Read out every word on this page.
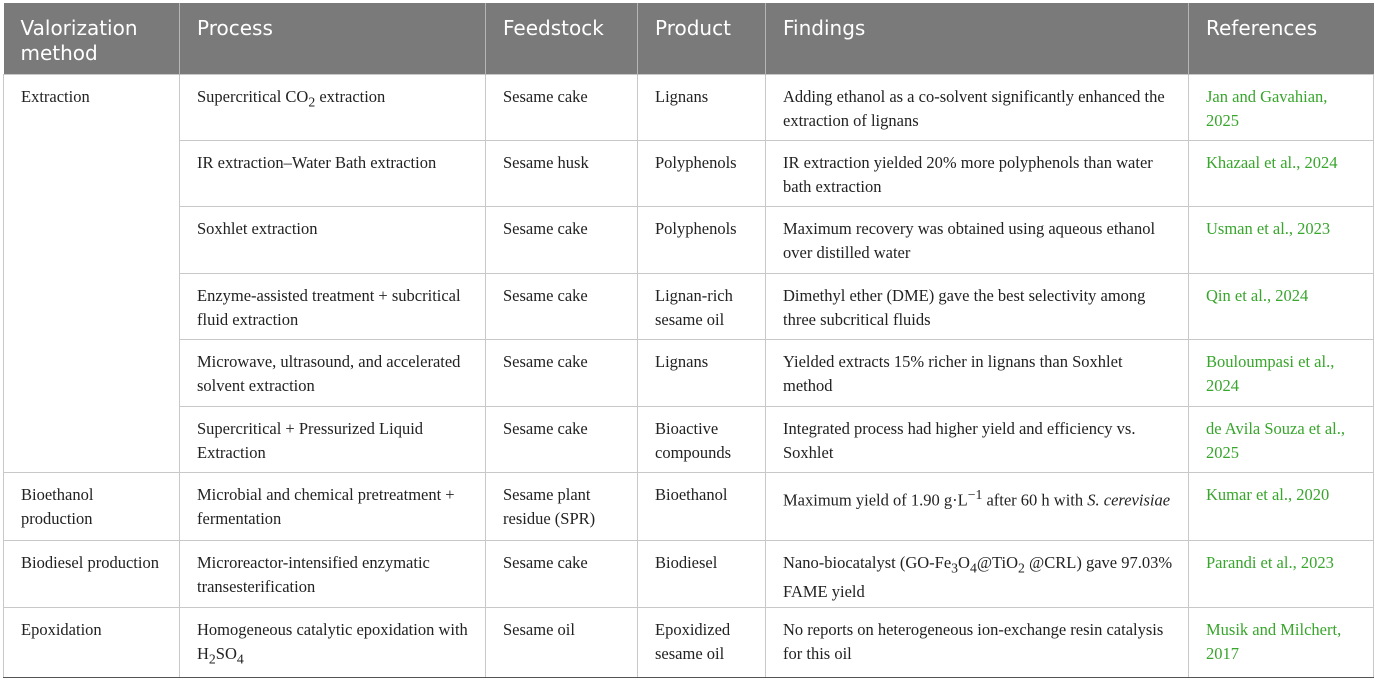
Valorization method	Process	Feedstock	Product	Findings	References
Extraction	Supercritical $CO_2$ extraction	Sesame cake	Lignans	Adding ethanol as a co-solvent significantly enhanced the extraction of lignans	Jan and Gavahian, 2025
	IR extraction–Water Bath extraction	Sesame husk	Polyphenols	IR extraction yielded 20% more polyphenols than water bath extraction	Khazaal et al., 2024
	Soxhlet extraction	Sesame cake	Polyphenols	Maximum recovery was obtained using aqueous ethanol over distilled water	Usman et al., 2023
	Enzyme-assisted treatment + subcritical fluid extraction	Sesame cake	Lignan-rich sesame oil	Dimethyl ether (DME) gave the best selectivity among three subcritical fluids	Qin et al., 2024
	Microwave, ultrasound, and accelerated solvent extraction	Sesame cake	Lignans	Yielded extracts 15% richer in lignans than Soxhlet method	Bouloumpasi et al., 2024
	Supercritical + Pressurized Liquid Extraction	Sesame cake	Bioactive compounds	Integrated process had higher yield and efficiency vs. Soxhlet	de Avila Souza et al., 2025
Bioethanol production	Microbial and chemical pretreatment + fermentation	Sesame plant residue (SPR)	Bioethanol	Maximum yield of 1.90 $g\cdot L^{-1}$ after 60 h with S. cerevisiae	Kumar et al., 2020
Biodiesel production	Microreactor-intensified enzymatic transesterification	Sesame cake	Biodiesel	Nano-biocatalyst ($GO-Fe_3O_4@TiO_2$ @CRL) gave 97.03% FAME yield	Parandi et al., 2023
Epoxidation	Homogeneous catalytic epoxidation with $H_2SO_4$	Sesame oil	Epoxidized sesame oil	No reports on heterogeneous ion-exchange resin catalysis for this oil	Musik and Milchert, 2017
